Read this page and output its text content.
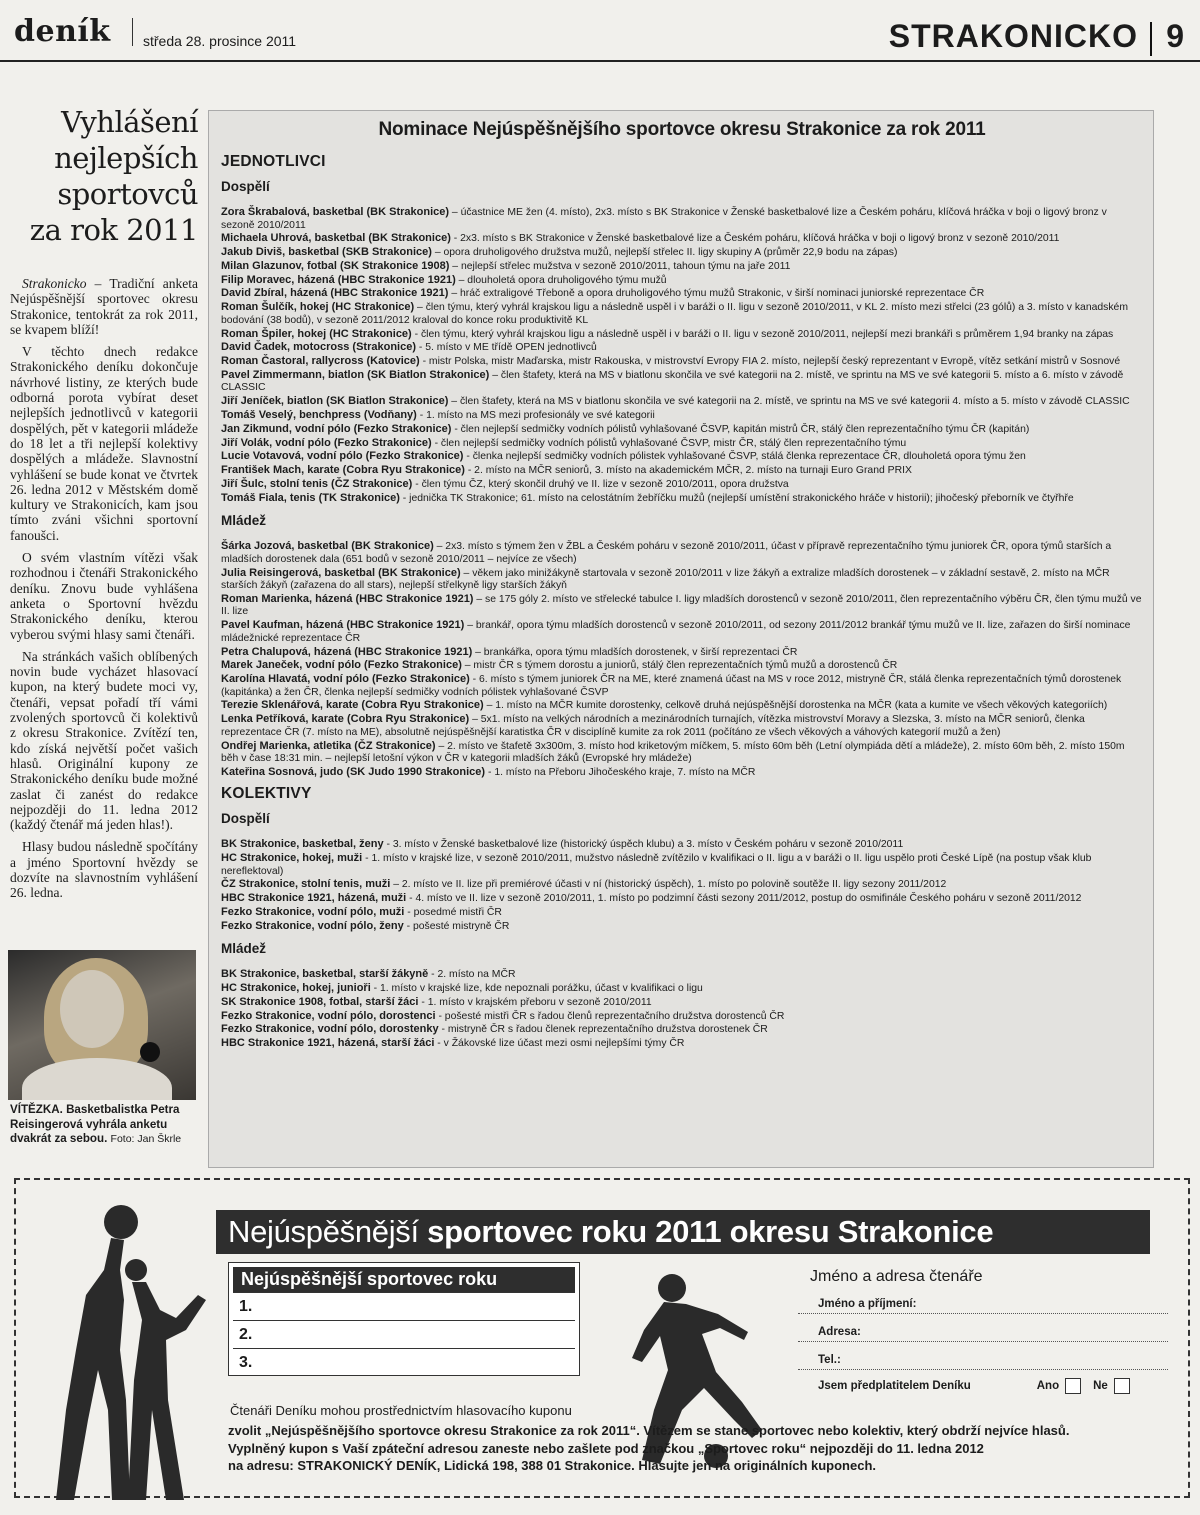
deník středa 28. prosince 2011	STRAKONICKO 9
Vyhlášení
nejlepších
sportovců
za rok 2011

Strakonicko – Tradiční anketa Nejúspěšnější sportovec okresu Strakonice, tentokrát za rok 2011, se kvapem blíží!

V těchto dnech redakce Strakonického deníku dokončuje návrhové listiny, ze kterých bude odborná porota vybírat deset nejlepších jednotlivců v kategorii dospělých, pět v kategorii mládeže do 18 let a tři nejlepší kolektivy dospělých a mládeže. Slavnostní vyhlášení se bude konat ve čtvrtek 26. ledna 2012 v Městském domě kultury ve Strakonicích, kam jsou tímto zváni všichni sportovní fanoušci.

O svém vlastním vítězi však rozhodnou i čtenáři Strakonického deníku. Znovu bude vyhlášena anketa o Sportovní hvězdu Strakonického deníku, kterou vyberou svými hlasy sami čtenáři.

Na stránkách vašich oblíbených novin bude vycházet hlasovací kupon, na který budete moci vy, čtenáři, vepsat pořadí tří vámi zvolených sportovců či kolektivů z okresu Strakonice. Zvítězí ten, kdo získá největší počet vašich hlasů. Originální kupony ze Strakonického deníku bude možné zaslat či zanést do redakce nejpozději do 11. ledna 2012 (každý čtenář má jeden hlas!).

Hlasy budou následně spočítány a jméno Sportovní hvězdy se dozvíte na slavnostním vyhlášení 26. ledna.

VÍTĚZKA. Basketbalistka Petra Reisingerová vyhrála anketu dvakrát za sebou. Foto: Jan Škrle
Nominace Nejúspěšnějšího sportovce okresu Strakonice za rok 2011
JEDNOTLIVCI
Dospělí
Zora Škrabalová, basketbal (BK Strakonice) – účastnice ME žen (4. místo), 2x3. místo s BK Strakonice v Ženské basketbalové lize a Českém poháru, klíčová hráčka v boji o ligový bronz v sezoně 2010/2011
Michaela Uhrová, basketbal (BK Strakonice) - 2x3. místo s BK Strakonice v Ženské basketbalové lize a Českém poháru, klíčová hráčka v boji o ligový bronz v sezoně 2010/2011
Jakub Diviš, basketbal (SKB Strakonice) – opora druholigového družstva mužů, nejlepší střelec II. ligy skupiny A (průměr 22,9 bodu na zápas)
Milan Glazunov, fotbal (SK Strakonice 1908) – nejlepší střelec mužstva v sezoně 2010/2011, tahoun týmu na jaře 2011
Filip Moravec, házená (HBC Strakonice 1921) – dlouholetá opora druholigového týmu mužů
David Zbíral, házená (HBC Strakonice 1921) – hráč extraligové Třeboně a opora druholigového týmu mužů Strakonic, v širší nominaci juniorské reprezentace ČR
Roman Šulčík, hokej (HC Strakonice) – člen týmu, který vyhrál krajskou ligu a následně uspěl i v baráži o II. ligu v sezoně 2010/2011, v KL 2. místo mezi střelci (23 gólů) a 3. místo v kanadském bodování (38 bodů), v sezoně 2011/2012 kraloval do konce roku produktivitě KL
Roman Špiler, hokej (HC Strakonice) - člen týmu, který vyhrál krajskou ligu a následně uspěl i v baráži o II. ligu v sezoně 2010/2011, nejlepší mezi brankáři s průměrem 1,94 branky na zápas
David Čadek, motocross (Strakonice) - 5. místo v ME třídě OPEN jednotlivců
Roman Častoral, rallycross (Katovice) - mistr Polska, mistr Maďarska, mistr Rakouska, v mistrovství Evropy FIA 2. místo, nejlepší český reprezentant v Evropě, vítěz setkání mistrů v Sosnové
Pavel Zimmermann, biatlon (SK Biatlon Strakonice) – člen štafety, která na MS v biatlonu skončila ve své kategorii na 2. místě, ve sprintu na MS ve své kategorii 5. místo a 6. místo v závodě CLASSIC
Jiří Jeníček, biatlon (SK Biatlon Strakonice) – člen štafety, která na MS v biatlonu skončila ve své kategorii na 2. místě, ve sprintu na MS ve své kategorii 4. místo a 5. místo v závodě CLASSIC
Tomáš Veselý, benchpress (Vodňany) - 1. místo na MS mezi profesionály ve své kategorii
Jan Zikmund, vodní pólo (Fezko Strakonice) - člen nejlepší sedmičky vodních pólistů vyhlašované ČSVP, kapitán mistrů ČR, stálý člen reprezentačního týmu ČR (kapitán)
Jiří Volák, vodní pólo (Fezko Strakonice) - člen nejlepší sedmičky vodních pólistů vyhlašované ČSVP, mistr ČR, stálý člen reprezentačního týmu
Lucie Votavová, vodní pólo (Fezko Strakonice) - členka nejlepší sedmičky vodních pólistek vyhlašované ČSVP, stálá členka reprezentace ČR, dlouholetá opora týmu žen
František Mach, karate (Cobra Ryu Strakonice) - 2. místo na MČR seniorů, 3. místo na akademickém MČR, 2. místo na turnaji Euro Grand PRIX
Jiří Šulc, stolní tenis (ČZ Strakonice) - člen týmu ČZ, který skončil druhý ve II. lize v sezoně 2010/2011, opora družstva
Tomáš Fiala, tenis (TK Strakonice) - jednička TK Strakonice; 61. místo na celostátním žebříčku mužů (nejlepší umístění strakonického hráče v historii); jihočeský přeborník ve čtyřhře
Mládež
Šárka Jozová, basketbal (BK Strakonice) – 2x3. místo s týmem žen v ŽBL a Českém poháru v sezoně 2010/2011, účast v přípravě reprezentačního týmu juniorek ČR, opora týmů starších a mladších dorostenek dala (651 bodů v sezoně 2010/2011 – nejvíce ze všech)
Julia Reisingerová, basketbal (BK Strakonice) – věkem jako minižákyně startovala v sezoně 2010/2011 v lize žákyň a extralize mladších dorostenek – v základní sestavě, 2. místo na MČR starších žákyň (zařazena do all stars), nejlepší střelkyně ligy starších žákyň
Roman Marienka, házená (HBC Strakonice 1921) – se 175 góly 2. místo ve střelecké tabulce I. ligy mladších dorostenců v sezoně 2010/2011, člen reprezentačního výběru ČR, člen týmu mužů ve II. lize
Pavel Kaufman, házená (HBC Strakonice 1921) – brankář, opora týmu mladších dorostenců v sezoně 2010/2011, od sezony 2011/2012 brankář týmu mužů ve II. lize, zařazen do širší nominace mládežnické reprezentace ČR
Petra Chalupová, házená (HBC Strakonice 1921) – brankářka, opora týmu mladších dorostenek, v širší reprezentaci ČR
Marek Janeček, vodní pólo (Fezko Strakonice) – mistr ČR s týmem dorostu a juniorů, stálý člen reprezentačních týmů mužů a dorostenců ČR
Karolína Hlavatá, vodní pólo (Fezko Strakonice) - 6. místo s týmem juniorek ČR na ME, které znamená účast na MS v roce 2012, mistryně ČR, stálá členka reprezentačních týmů dorostenek (kapitánka) a žen ČR, členka nejlepší sedmičky vodních pólistek vyhlašované ČSVP
Terezie Sklenářová, karate (Cobra Ryu Strakonice) – 1. místo na MČR kumite dorostenky, celkově druhá nejúspěšnější dorostenka na MČR (kata a kumite ve všech věkových kategoriích)
Lenka Petříková, karate (Cobra Ryu Strakonice) – 5x1. místo na velkých národních a mezinárodních turnajích, vítězka mistrovství Moravy a Slezska, 3. místo na MČR seniorů, členka reprezentace ČR (7. místo na ME), absolutně nejúspěšnější karatistka ČR v disciplíně kumite za rok 2011 (počítáno ze všech věkových a váhových kategorií mužů a žen)
Ondřej Marienka, atletika (ČZ Strakonice) – 2. místo ve štafetě 3x300m, 3. místo hod kriketovým míčkem, 5. místo 60m běh (Letní olympiáda dětí a mládeže), 2. místo 60m běh, 2. místo 150m běh v čase 18:31 min. – nejlepší letošní výkon v ČR v kategorii mladších žáků (Evropské hry mládeže)
Kateřina Sosnová, judo (SK Judo 1990 Strakonice) - 1. místo na Přeboru Jihočeského kraje, 7. místo na MČR
KOLEKTIVY
Dospělí
BK Strakonice, basketbal, ženy - 3. místo v Ženské basketbalové lize (historický úspěch klubu) a 3. místo v Českém poháru v sezoně 2010/2011
HC Strakonice, hokej, muži - 1. místo v krajské lize, v sezoně 2010/2011, mužstvo následně zvítězilo v kvalifikaci o II. ligu a v baráži o II. ligu uspělo proti České Lípě (na postup však klub nereflektoval)
ČZ Strakonice, stolní tenis, muži – 2. místo ve II. lize při premiérové účasti v ní (historický úspěch), 1. místo po polovině soutěže II. ligy sezony 2011/2012
HBC Strakonice 1921, házená, muži - 4. místo ve II. lize v sezoně 2010/2011, 1. místo po podzimní části sezony 2011/2012, postup do osmifinále Českého poháru v sezoně 2011/2012
Fezko Strakonice, vodní pólo, muži - posedmé mistři ČR
Fezko Strakonice, vodní pólo, ženy - pošesté mistryně ČR
Mládež
BK Strakonice, basketbal, starší žákyně - 2. místo na MČR
HC Strakonice, hokej, junioři - 1. místo v krajské lize, kde nepoznali porážku, účast v kvalifikaci o ligu
SK Strakonice 1908, fotbal, starší žáci - 1. místo v krajském přeboru v sezoně 2010/2011
Fezko Strakonice, vodní pólo, dorostenci - pošesté mistři ČR s řadou členů reprezentačního družstva dorostenců ČR
Fezko Strakonice, vodní pólo, dorostenky - mistryně ČR s řadou členek reprezentačního družstva dorostenek ČR
HBC Strakonice 1921, házená, starší žáci - v Žákovské lize účast mezi osmi nejlepšími týmy ČR
Nejúspěšnější sportovec roku 2011 okresu Strakonice
Nejúspěšnější sportovec roku
1.
2.
3.
Jméno a adresa čtenáře
Jméno a příjmení:
Adresa:
Tel.:
Jsem předplatitelem Deníku	Ano	Ne
Čtenáři Deníku mohou prostřednictvím hlasovacího kuponu
zvolit „Nejúspěšnějšího sportovce okresu Strakonice za rok 2011“. Vítězem se stane sportovec nebo kolektiv, který obdrží nejvíce hlasů.
Vyplněný kupon s Vaší zpáteční adresou zaneste nebo zašlete pod značkou „Sportovec roku“ nejpozději do 11. ledna 2012
na adresu: STRAKONICKÝ DENÍK, Lidická 198, 388 01 Strakonice. Hlasujte jen na originálních kuponech.
